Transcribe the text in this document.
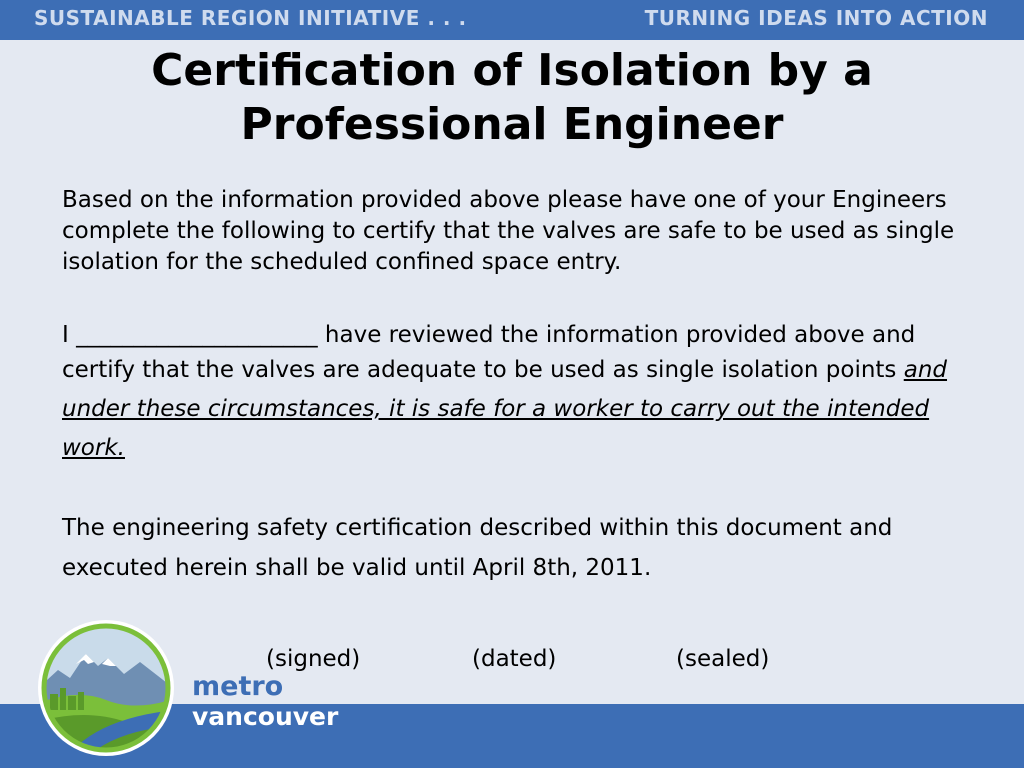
SUSTAINABLE REGION INITIATIVE . . .	TURNING IDEAS INTO ACTION
Certification of Isolation by a
Professional Engineer
Based on the information provided above please have one of your Engineers complete the following to certify that the valves are safe to be used as single isolation for the scheduled confined space entry.
I _____________________ have reviewed the information provided above and certify that the valves are adequate to be used as single isolation points and under these circumstances, it is safe for a worker to carry out the intended work.
The engineering safety certification described within this document and executed herein shall be valid until April 8th, 2011.
(signed)	(dated)	(sealed)
metro
vancouver
